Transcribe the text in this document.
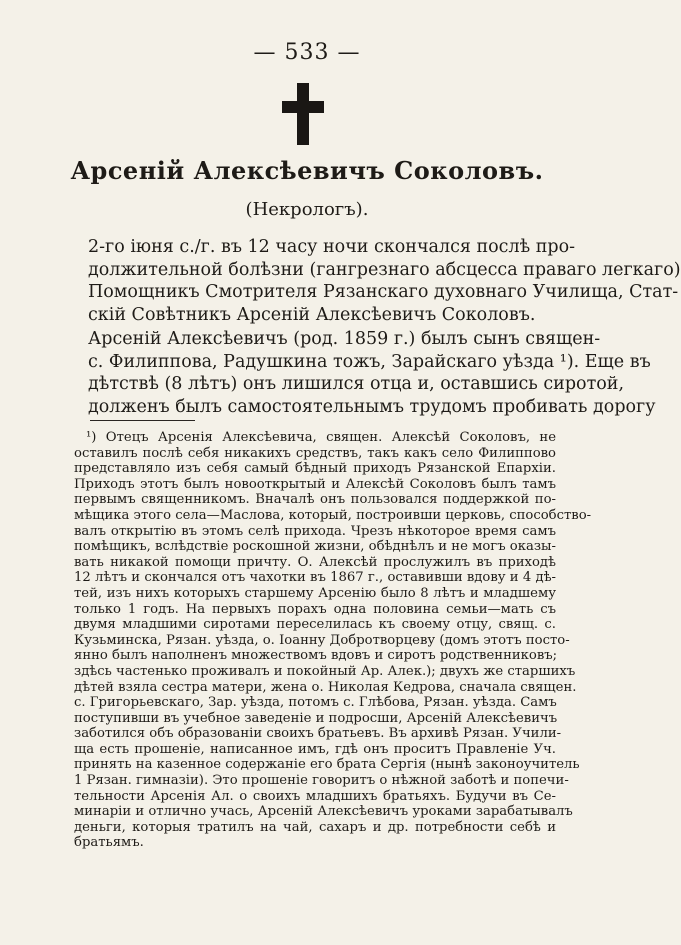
— 533 —
Арсеній Алексѣевичъ Соколовъ.
(Некрологъ).
2-го іюня с./г. въ 12 часу ночи скончался послѣ про-
должительной болѣзни (гангрезнаго абсцесса праваго легкаго)
Помощникъ Смотрителя Рязанскаго духовнаго Училища, Стат-
скій Совѣтникъ Арсеній Алексѣевичъ Соколовъ.
Арсеній Алексѣевичъ (род. 1859 г.) былъ сынъ священ-
с. Филиппова, Радушкина тожъ, Зарайскаго уѣзда ¹). Еще въ
дѣтствѣ (8 лѣтъ) онъ лишился отца и, оставшись сиротой,
долженъ былъ самостоятельнымъ трудомъ пробивать дорогу
¹) Отецъ Арсенія Алексѣевича, священ. Алексѣй Соколовъ, не
оставилъ послѣ себя никакихъ средствъ, такъ какъ село Филиппово
представляло изъ себя самый бѣдный приходъ Рязанской Епархіи.
Приходъ этотъ былъ новооткрытый и Алексѣй Соколовъ былъ тамъ
первымъ священникомъ. Вначалѣ онъ пользовался поддержкой по-
мѣщика этого села—Маслова, который, построивши церковь, способство-
валъ открытію въ этомъ селѣ прихода. Чрезъ нѣкоторое время самъ
помѣщикъ, вслѣдствіе роскошной жизни, обѣднѣлъ и не могъ оказы-
вать никакой помощи причту. О. Алексѣй прослужилъ въ приходѣ
12 лѣтъ и скончался отъ чахотки въ 1867 г., оставивши вдову и 4 дѣ-
тей, изъ нихъ которыхъ старшему Арсенію было 8 лѣтъ и младшему
только 1 годъ. На первыхъ порахъ одна половина семьи—мать съ
двумя младшими сиротами переселилась къ своему отцу, свящ. с.
Кузьминска, Рязан. уѣзда, о. Іоанну Добротворцеву (домъ этотъ посто-
янно былъ наполненъ множествомъ вдовъ и сиротъ родственниковъ;
здѣсь частенько проживалъ и покойный Ар. Алек.); двухъ же старшихъ
дѣтей взяла сестра матери, жена о. Николая Кедрова, сначала священ.
с. Григорьевскаго, Зар. уѣзда, потомъ с. Глѣбова, Рязан. уѣзда. Самъ
поступивши въ учебное заведеніе и подросши, Арсеній Алексѣевичъ
заботился объ образованіи своихъ братьевъ. Въ архивѣ Рязан. Учили-
ща есть прошеніе, написанное имъ, гдѣ онъ проситъ Правленіе Уч.
принять на казенное содержаніе его брата Сергія (нынѣ законоучитель
1 Рязан. гимназіи). Это прошеніе говоритъ о нѣжной заботѣ и попечи-
тельности Арсенія Ал. о своихъ младшихъ братьяхъ. Будучи въ Се-
минаріи и отлично учась, Арсеній Алексѣевичъ уроками зарабатывалъ
деньги, которыя тратилъ на чай, сахаръ и др. потребности себѣ и
братьямъ.
